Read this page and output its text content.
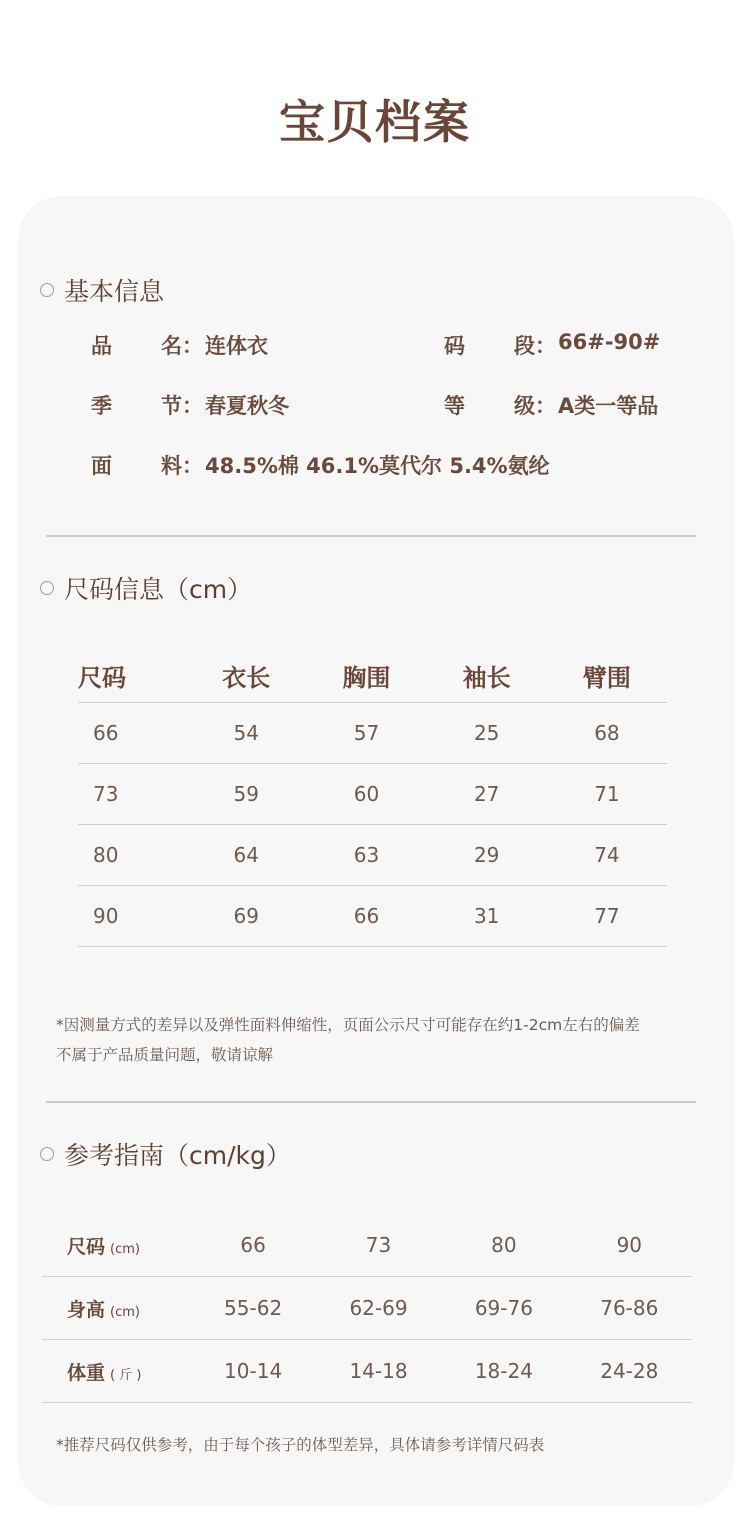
宝贝档案
基本信息
品 名： 连体衣	码 段： 66#-90#
季 节： 春夏秋冬	等 级： A类一等品
面 料： 48.5%棉 46.1%莫代尔 5.4%氨纶
尺码信息（cm）
尺码	衣长	胸围	袖长	臂围
66	54	57	25	68
73	59	60	27	71
80	64	63	29	74
90	69	66	31	77
*因测量方式的差异以及弹性面料伸缩性，页面公示尺寸可能存在约1-2cm左右的偏差
不属于产品质量问题，敬请谅解
参考指南（cm/kg）
尺码 (cm)	66	73	80	90
身高 (cm)	55-62	62-69	69-76	76-86
体重 ( 斤 )	10-14	14-18	18-24	24-28
*推荐尺码仅供参考，由于每个孩子的体型差异，具体请参考详情尺码表
